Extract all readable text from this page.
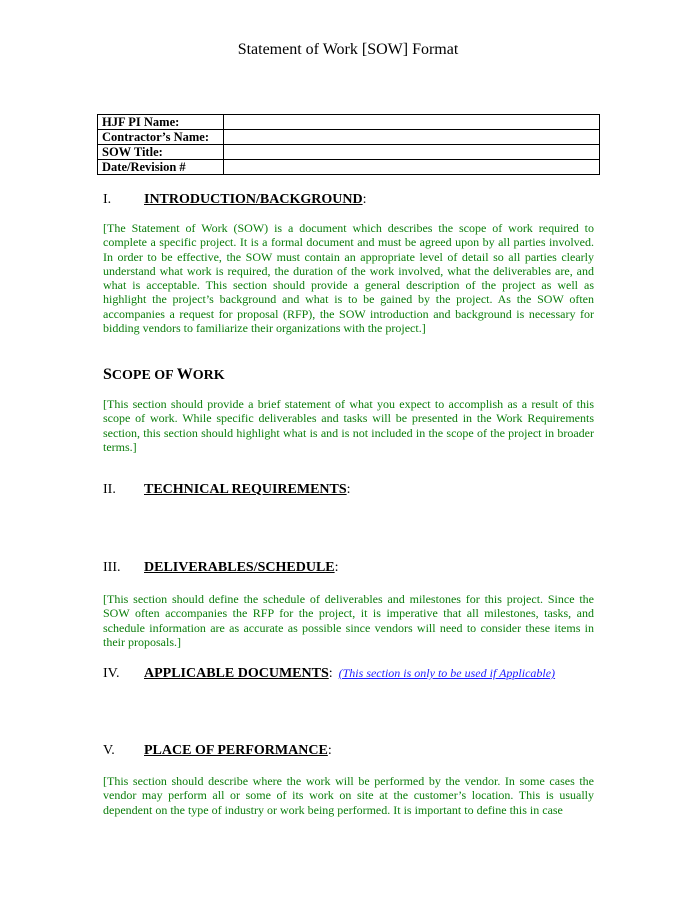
Statement of Work [SOW] Format
HJF PI Name:	
Contractor’s Name:	
SOW Title:	
Date/Revision #	
I. INTRODUCTION/BACKGROUND:

[The Statement of Work (SOW) is a document which describes the scope of work required to complete a specific project. It is a formal document and must be agreed upon by all parties involved. In order to be effective, the SOW must contain an appropriate level of detail so all parties clearly understand what work is required, the duration of the work involved, what the deliverables are, and what is acceptable. This section should provide a general description of the project as well as highlight the project’s background and what is to be gained by the project. As the SOW often accompanies a request for proposal (RFP), the SOW introduction and background is necessary for bidding vendors to familiarize their organizations with the project.]

SCOPE OF WORK

[This section should provide a brief statement of what you expect to accomplish as a result of this scope of work. While specific deliverables and tasks will be presented in the Work Requirements section, this section should highlight what is and is not included in the scope of the project in broader terms.]

II. TECHNICAL REQUIREMENTS:
III. DELIVERABLES/SCHEDULE:

[This section should define the schedule of deliverables and milestones for this project. Since the SOW often accompanies the RFP for the project, it is imperative that all milestones, tasks, and schedule information are as accurate as possible since vendors will need to consider these items in their proposals.]

IV. APPLICABLE DOCUMENTS: (This section is only to be used if Applicable)
V. PLACE OF PERFORMANCE:

[This section should describe where the work will be performed by the vendor. In some cases the vendor may perform all or some of its work on site at the customer’s location. This is usually dependent on the type of industry or work being performed. It is important to define this in case
